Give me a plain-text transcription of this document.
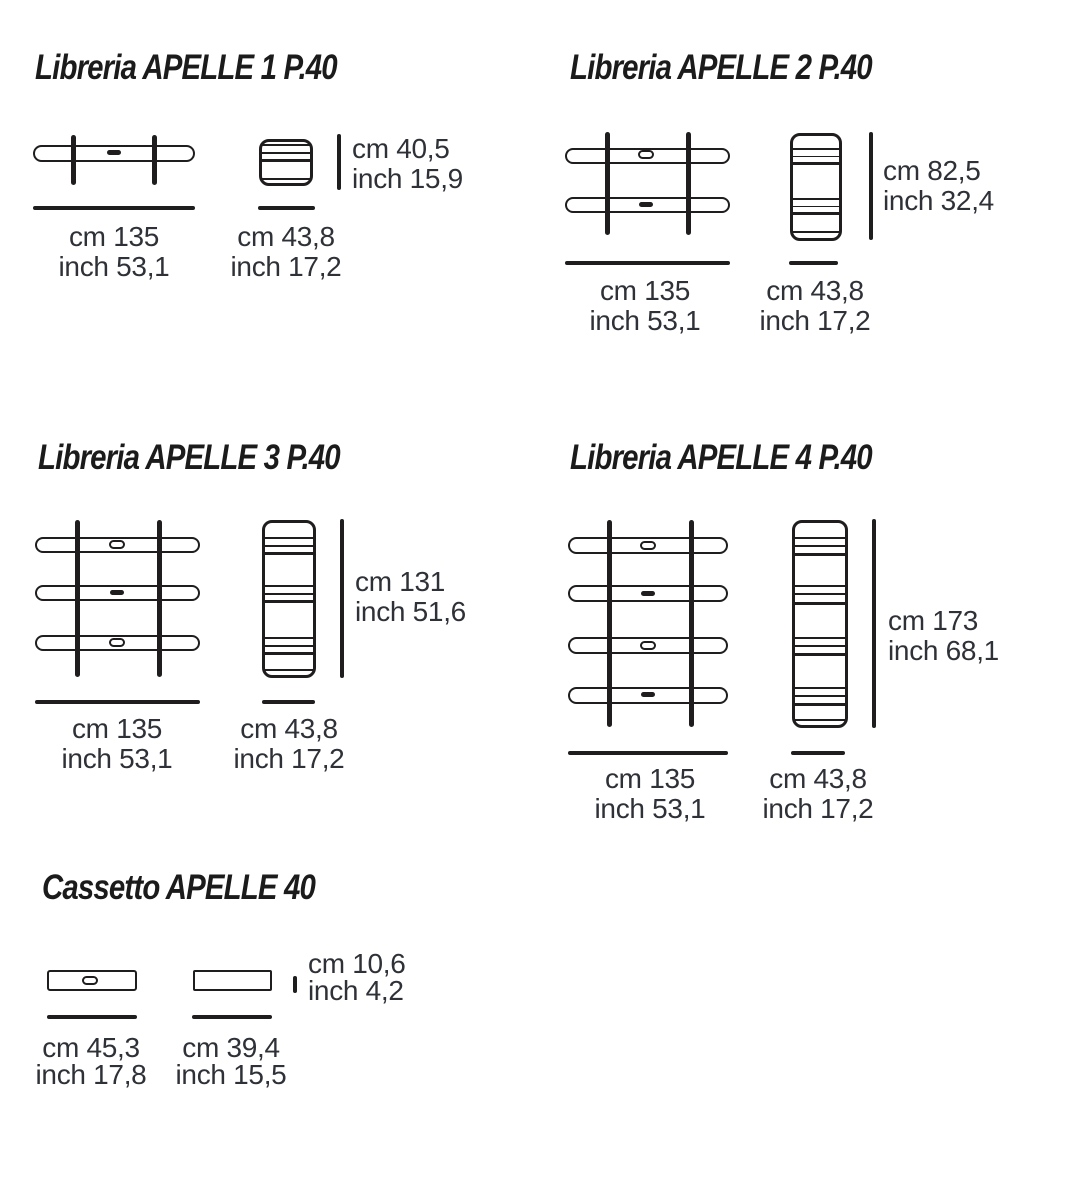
Libreria APELLE 1 P.40
cm 135
inch 53,1
cm 43,8
inch 17,2
cm 40,5
inch 15,9
Libreria APELLE 2 P.40
cm 135
inch 53,1
cm 43,8
inch 17,2
cm 82,5
inch 32,4
Libreria APELLE 3 P.40
cm 135
inch 53,1
cm 43,8
inch 17,2
cm 131
inch 51,6
Libreria APELLE 4 P.40
cm 135
inch 53,1
cm 43,8
inch 17,2
cm 173
inch 68,1
Cassetto APELLE 40
cm 45,3
inch 17,8
cm 39,4
inch 15,5
cm 10,6
inch 4,2
